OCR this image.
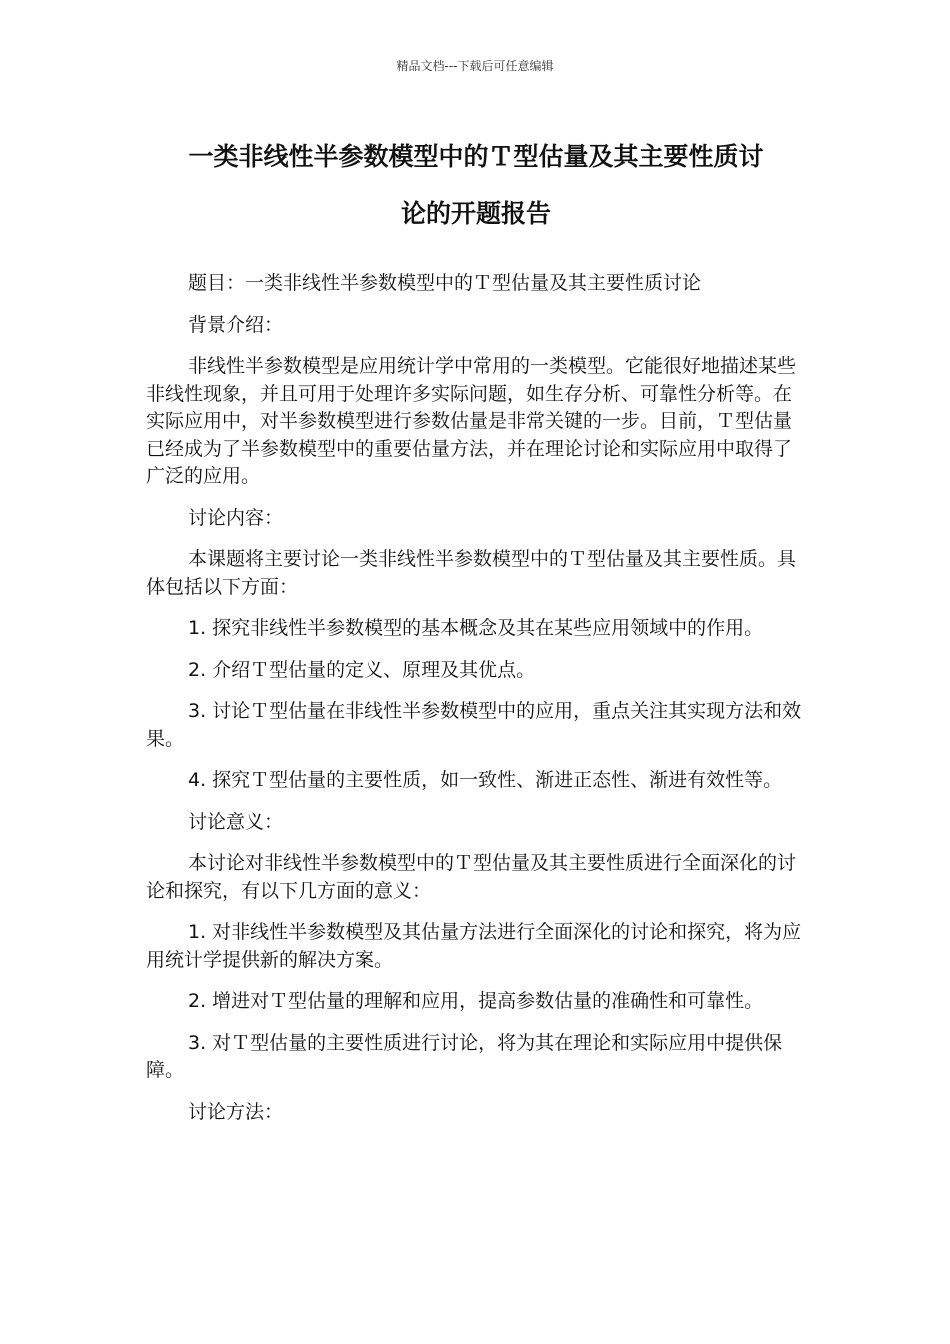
精品文档---下载后可任意编辑
一类非线性半参数模型中的Ｔ型估量及其主要性质讨
论的开题报告

题目：一类非线性半参数模型中的Ｔ型估量及其主要性质讨论

背景介绍：

非线性半参数模型是应用统计学中常用的一类模型。它能很好地描述某些非线性现象，并且可用于处理许多实际问题，如生存分析、可靠性分析等。在实际应用中，对半参数模型进行参数估量是非常关键的一步。目前，Ｔ型估量已经成为了半参数模型中的重要估量方法，并在理论讨论和实际应用中取得了广泛的应用。

讨论内容：

本课题将主要讨论一类非线性半参数模型中的Ｔ型估量及其主要性质。具体包括以下方面：

1. 探究非线性半参数模型的基本概念及其在某些应用领域中的作用。

2. 介绍Ｔ型估量的定义、原理及其优点。

3. 讨论Ｔ型估量在非线性半参数模型中的应用，重点关注其实现方法和效果。

4. 探究Ｔ型估量的主要性质，如一致性、渐进正态性、渐进有效性等。

讨论意义：

本讨论对非线性半参数模型中的Ｔ型估量及其主要性质进行全面深化的讨论和探究，有以下几方面的意义：

1. 对非线性半参数模型及其估量方法进行全面深化的讨论和探究，将为应用统计学提供新的解决方案。

2. 增进对Ｔ型估量的理解和应用，提高参数估量的准确性和可靠性。

3. 对Ｔ型估量的主要性质进行讨论，将为其在理论和实际应用中提供保障。

讨论方法：
